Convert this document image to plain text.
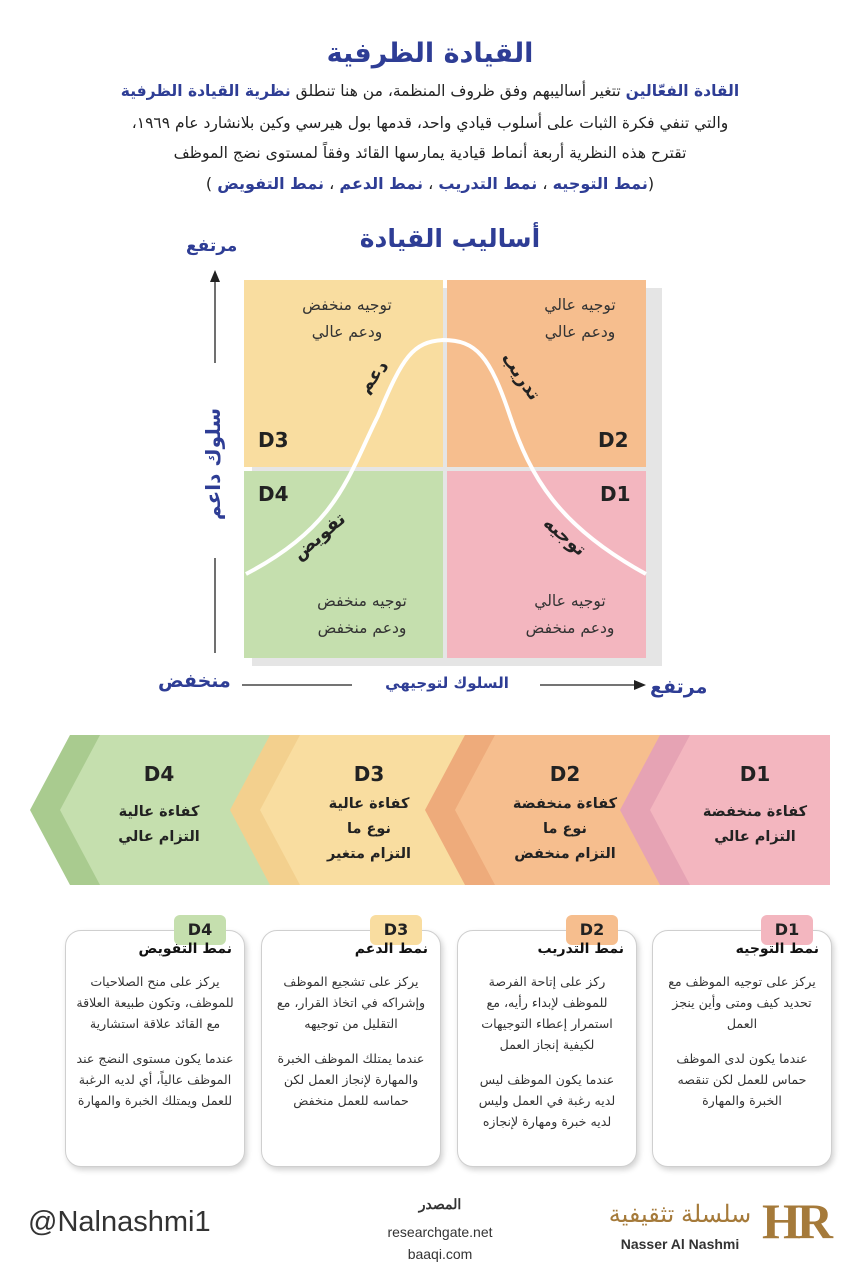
القيادة الظرفية
القادة الفعّالين تتغير أساليبهم وفق ظروف المنظمة، من هنا تنطلق نظرية القيادة الظرفية
والتي تنفي فكرة الثبات على أسلوب قيادي واحد، قدمها بول هيرسي وكين بلانشارد عام ١٩٦٩،
تقترح هذه النظرية أربعة أنماط قيادية يمارسها القائد وفقاً لمستوى نضج الموظف
(نمط التوجيه ، نمط التدريب ، نمط الدعم ، نمط التفويض )
أساليب القيادة
مرتفع
سلوك داعم
توجيه منخفض
ودعم عالي
توجيه عالي
ودعم عالي
توجيه منخفض
ودعم منخفض
توجيه عالي
ودعم منخفض
D3	D2
D4	D1
دعم	تدريب
تفويض	توجيه
منخفض	مرتفع
السلوك لتوجيهي
D1
كفاءة منخفضة
التزام عالي
D2
كفاءة منخفضة
نوع ما
التزام منخفض
D3
كفاءة عالية
نوع ما
التزام متغير
D4
كفاءة عالية
التزام عالي
D1
نمط التوجيه

يركز على توجيه الموظف مع تحديد كيف ومتى وأين ينجز العمل

عندما يكون لدى الموظف حماس للعمل لكن تنقصه الخبرة والمهارة

D2
نمط التدريب

ركز على إتاحة الفرصة للموظف لإبداء رأيه، مع استمرار إعطاء التوجيهات لكيفية إنجاز العمل

عندما يكون الموظف ليس لديه رغبة في العمل وليس لديه خبرة ومهارة لإنجازه

D3
نمط الدعم

يركز على تشجيع الموظف وإشراكه في اتخاذ القرار، مع التقليل من توجيهه

عندما يمتلك الموظف الخبرة والمهارة لإنجاز العمل لكن حماسه للعمل منخفض

D4
نمط التفويض

يركز على منح الصلاحيات للموظف، وتكون طبيعة العلاقة مع القائد علاقة استشارية

عندما يكون مستوى النضج عند الموظف عالياً، أي لديه الرغبة للعمل ويمتلك الخبرة والمهارة

@Nalnashmi1
المصدر
researchgate.net
baaqi.com
سلسلة تثقيفية
Nasser Al Nashmi HR
